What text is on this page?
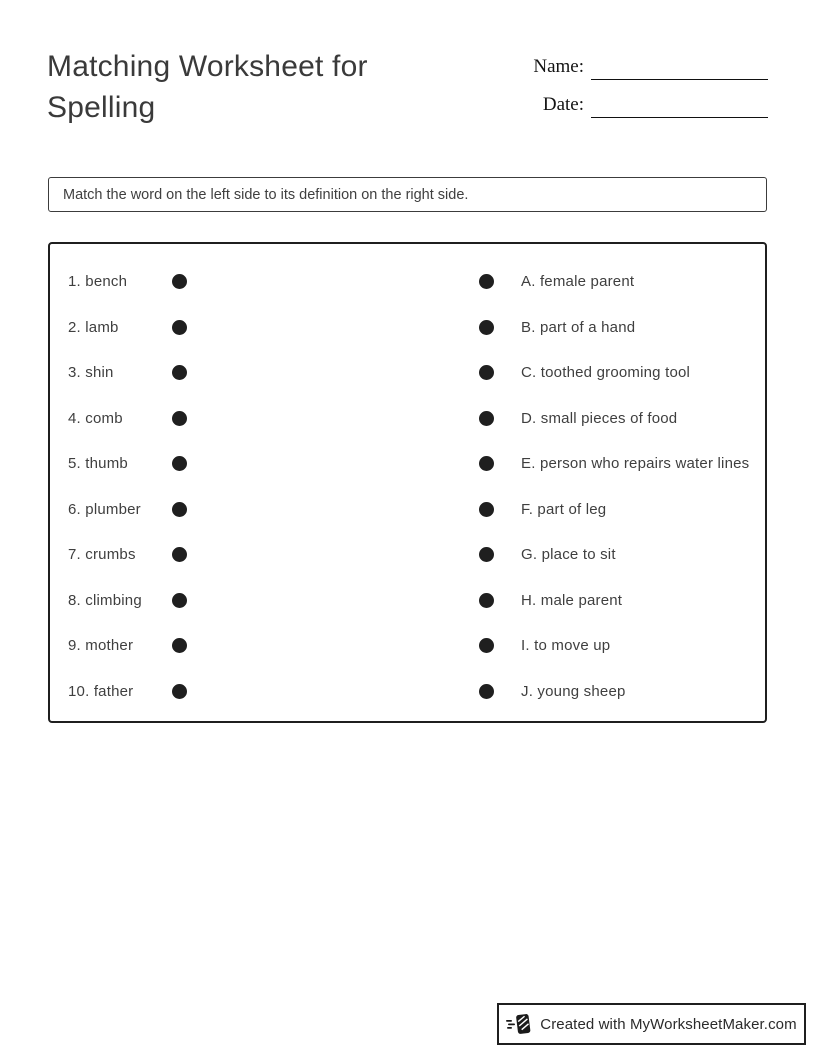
Matching Worksheet for Spelling
Name:
Date:
Match the word on the left side to its definition on the right side.
1. bench	A. female parent
2. lamb	B. part of a hand
3. shin	C. toothed grooming tool
4. comb	D. small pieces of food
5. thumb	E. person who repairs water lines
6. plumber	F. part of leg
7. crumbs	G. place to sit
8. climbing	H. male parent
9. mother	I. to move up
10. father	J. young sheep
Created with MyWorksheetMaker.com
